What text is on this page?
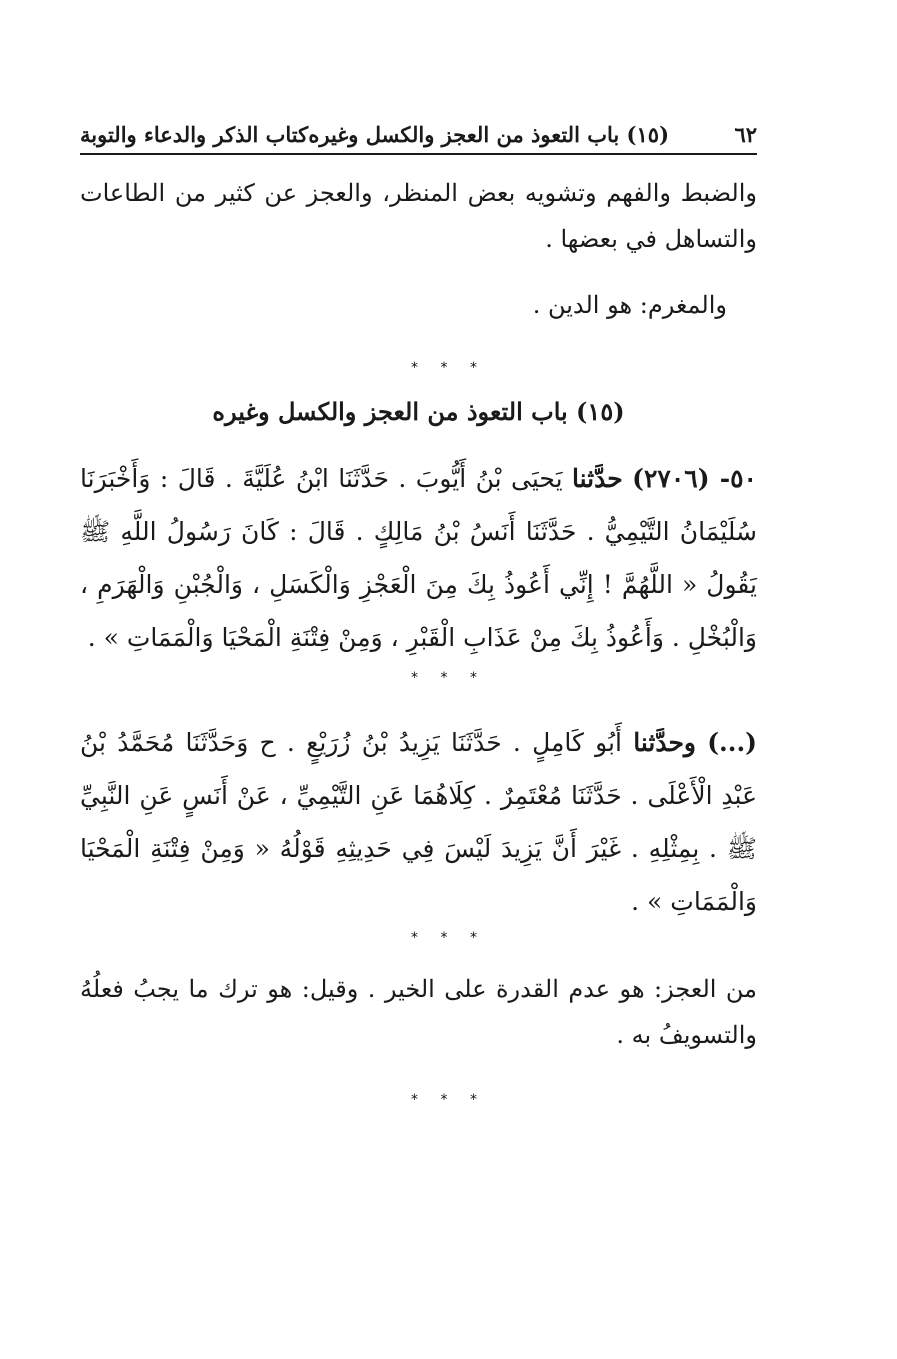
٦٢
(١٥) باب التعوذ من العجز والكسل وغيره
كتاب الذكر والدعاء والتوبة
والضبط والفهم وتشويه بعض المنظر، والعجز عن كثير من الطاعات والتساهل في بعضها .
والمغرم: هو الدين .
* * *
(١٥) باب التعوذ من العجز والكسل وغيره
٥٠- (٢٧٠٦) حدَّثنا يَحيَى بْنُ أَيُّوبَ . حَدَّثَنَا ابْنُ عُلَيَّةَ . قَالَ : وَأَخْبَرَنَا سُلَيْمَانُ التَّيْمِيُّ . حَدَّثَنَا أَنَسُ بْنُ مَالِكٍ . قَالَ : كَانَ رَسُولُ اللَّهِ ﷺ يَقُولُ « اللَّهُمَّ ! إِنِّي أَعُوذُ بِكَ مِنَ الْعَجْزِ وَالْكَسَلِ ، وَالْجُبْنِ وَالْهَرَمِ ، وَالْبُخْلِ . وَأَعُوذُ بِكَ مِنْ عَذَابِ الْقَبْرِ ، وَمِنْ فِتْنَةِ الْمَحْيَا وَالْمَمَاتِ » .
* * *
(...) وحدَّثنا أَبُو كَامِلٍ . حَدَّثَنَا يَزِيدُ بْنُ زُرَيْعٍ . ح وَحَدَّثَنَا مُحَمَّدُ بْنُ عَبْدِ الْأَعْلَى . حَدَّثَنَا مُعْتَمِرٌ . كِلَاهُمَا عَنِ التَّيْمِيِّ ، عَنْ أَنَسٍ عَنِ النَّبِيِّ ﷺ . بِمِثْلِهِ . غَيْرَ أَنَّ يَزِيدَ لَيْسَ فِي حَدِيثِهِ قَوْلُهُ « وَمِنْ فِتْنَةِ الْمَحْيَا وَالْمَمَاتِ » .
* * *
من العجز: هو عدم القدرة على الخير . وقيل: هو ترك ما يجبُ فعلُهُ والتسويفُ به .
* * *
